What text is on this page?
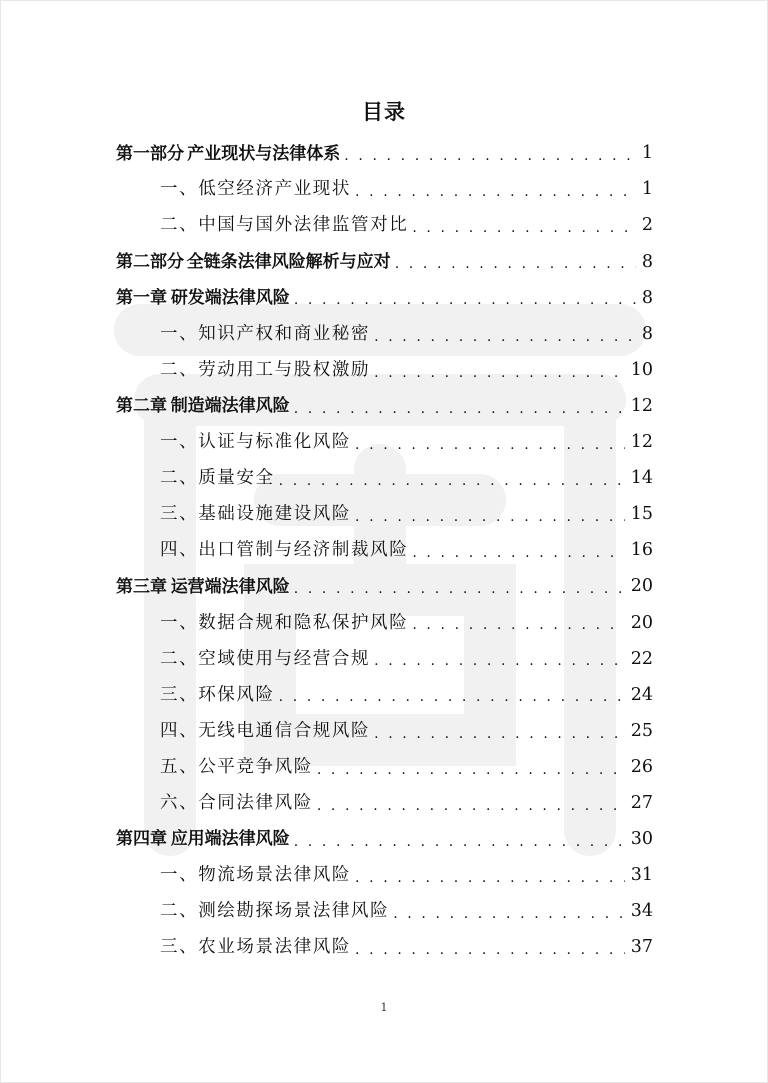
目录
第一部分 产业现状与法律体系 . . .	1
一、 低空经济产业现状 . . .	1
二、 中国与国外法律监管对比 . . .	2
第二部分 全链条法律风险解析与应对 . . .	8
第一章 研发端法律风险 . . .	8
一、 知识产权和商业秘密 . . .	8
二、 劳动用工与股权激励 . . .	10
第二章 制造端法律风险 . . .	12
一、 认证与标准化风险 . . .	12
二、 质量安全 . . .	14
三、 基础设施建设风险 . . .	15
四、 出口管制与经济制裁风险 . . .	16
第三章 运营端法律风险 . . .	20
一、 数据合规和隐私保护风险 . . .	20
二、 空域使用与经营合规 . . .	22
三、 环保风险 . . .	24
四、 无线电通信合规风险 . . .	25
五、 公平竞争风险 . . .	26
六、 合同法律风险 . . .	27
第四章 应用端法律风险 . . .	30
一、 物流场景法律风险 . . .	31
二、 测绘勘探场景法律风险 . . .	34
三、 农业场景法律风险 . . .	37
1
